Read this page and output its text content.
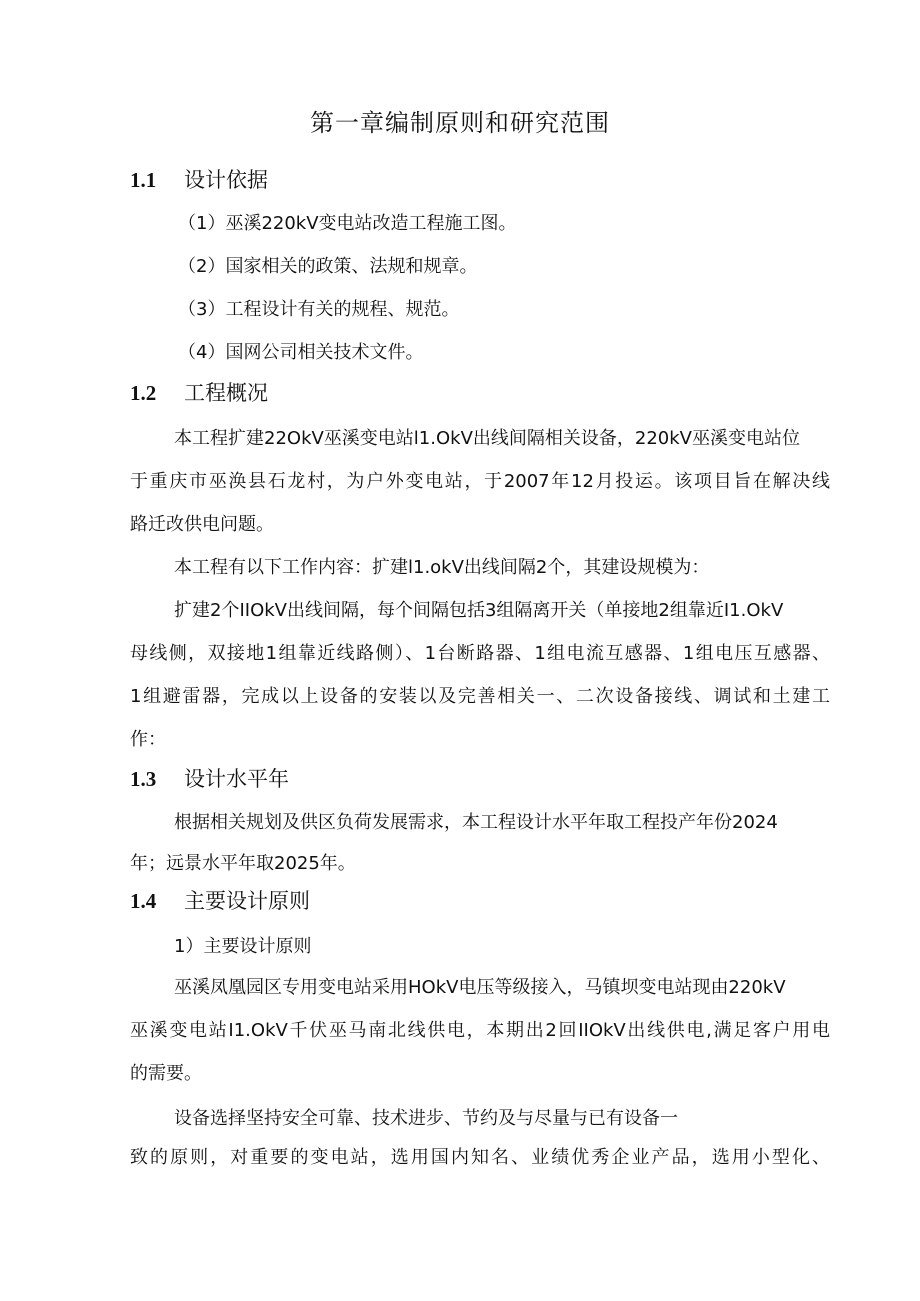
第一章编制原则和研究范围
1.1 设计依据
（1）巫溪220kV变电站改造工程施工图。
（2）国家相关的政策、法规和规章。
（3）工程设计有关的规程、规范。
（4）国网公司相关技术文件。
1.2 工程概况
本工程扩建22OkV巫溪变电站l1.OkV出线间隔相关设备，220kV巫溪变电站位
于重庆市巫涣县石龙村，为户外变电站，于2007年12月投运。该项目旨在解决线
路迁改供电问题。
本工程有以下工作内容：扩建l1.okV出线间隔2个，其建设规模为：
扩建2个IIOkV出线间隔，每个间隔包括3组隔离开关（单接地2组靠近I1.OkV
母线侧，双接地1组靠近线路侧）、1台断路器、1组电流互感器、1组电压互感器、
1组避雷器，完成以上设备的安装以及完善相关一、二次设备接线、调试和土建工
作：
1.3 设计水平年
根据相关规划及供区负荷发展需求，本工程设计水平年取工程投产年份2024
年；远景水平年取2025年。
1.4 主要设计原则
1）主要设计原则
巫溪凤凰园区专用变电站采用HOkV电压等级接入，马镇坝变电站现由220kV
巫溪变电站I1.OkV千伏巫马南北线供电，本期出2回IIOkV出线供电,满足客户用电
的需要。
设备选择坚持安全可靠、技术进步、节约及与尽量与已有设备一
致的原则，对重要的变电站，选用国内知名、业绩优秀企业产品，选用小型化、
